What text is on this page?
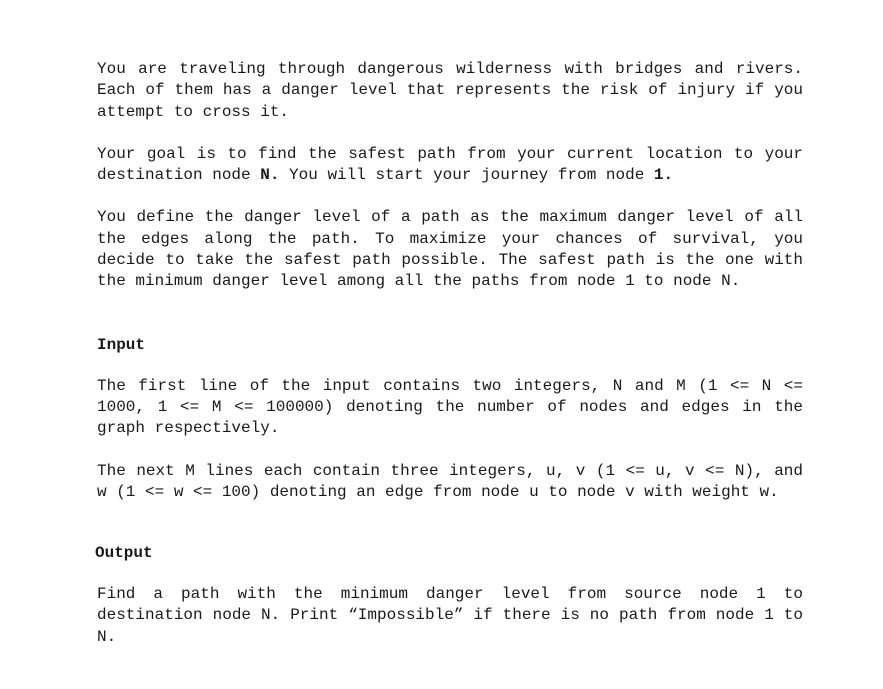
You are traveling through dangerous wilderness with bridges and rivers. Each of them has a danger level that represents the risk of injury if you attempt to cross it.

Your goal is to find the safest path from your current location to your destination node N. You will start your journey from node 1.

You define the danger level of a path as the maximum danger level of all the edges along the path. To maximize your chances of survival, you decide to take the safest path possible. The safest path is the one with the minimum danger level among all the paths from node 1 to node N.

Input

The first line of the input contains two integers, N and M (1 <= N <= 1000, 1 <= M <= 100000) denoting the number of nodes and edges in the graph respectively.

The next M lines each contain three integers, u, v (1 <= u, v <= N), and w (1 <= w <= 100) denoting an edge from node u to node v with weight w.

Output

Find a path with the minimum danger level from source node 1 to destination node N. Print “Impossible” if there is no path from node 1 to N.
